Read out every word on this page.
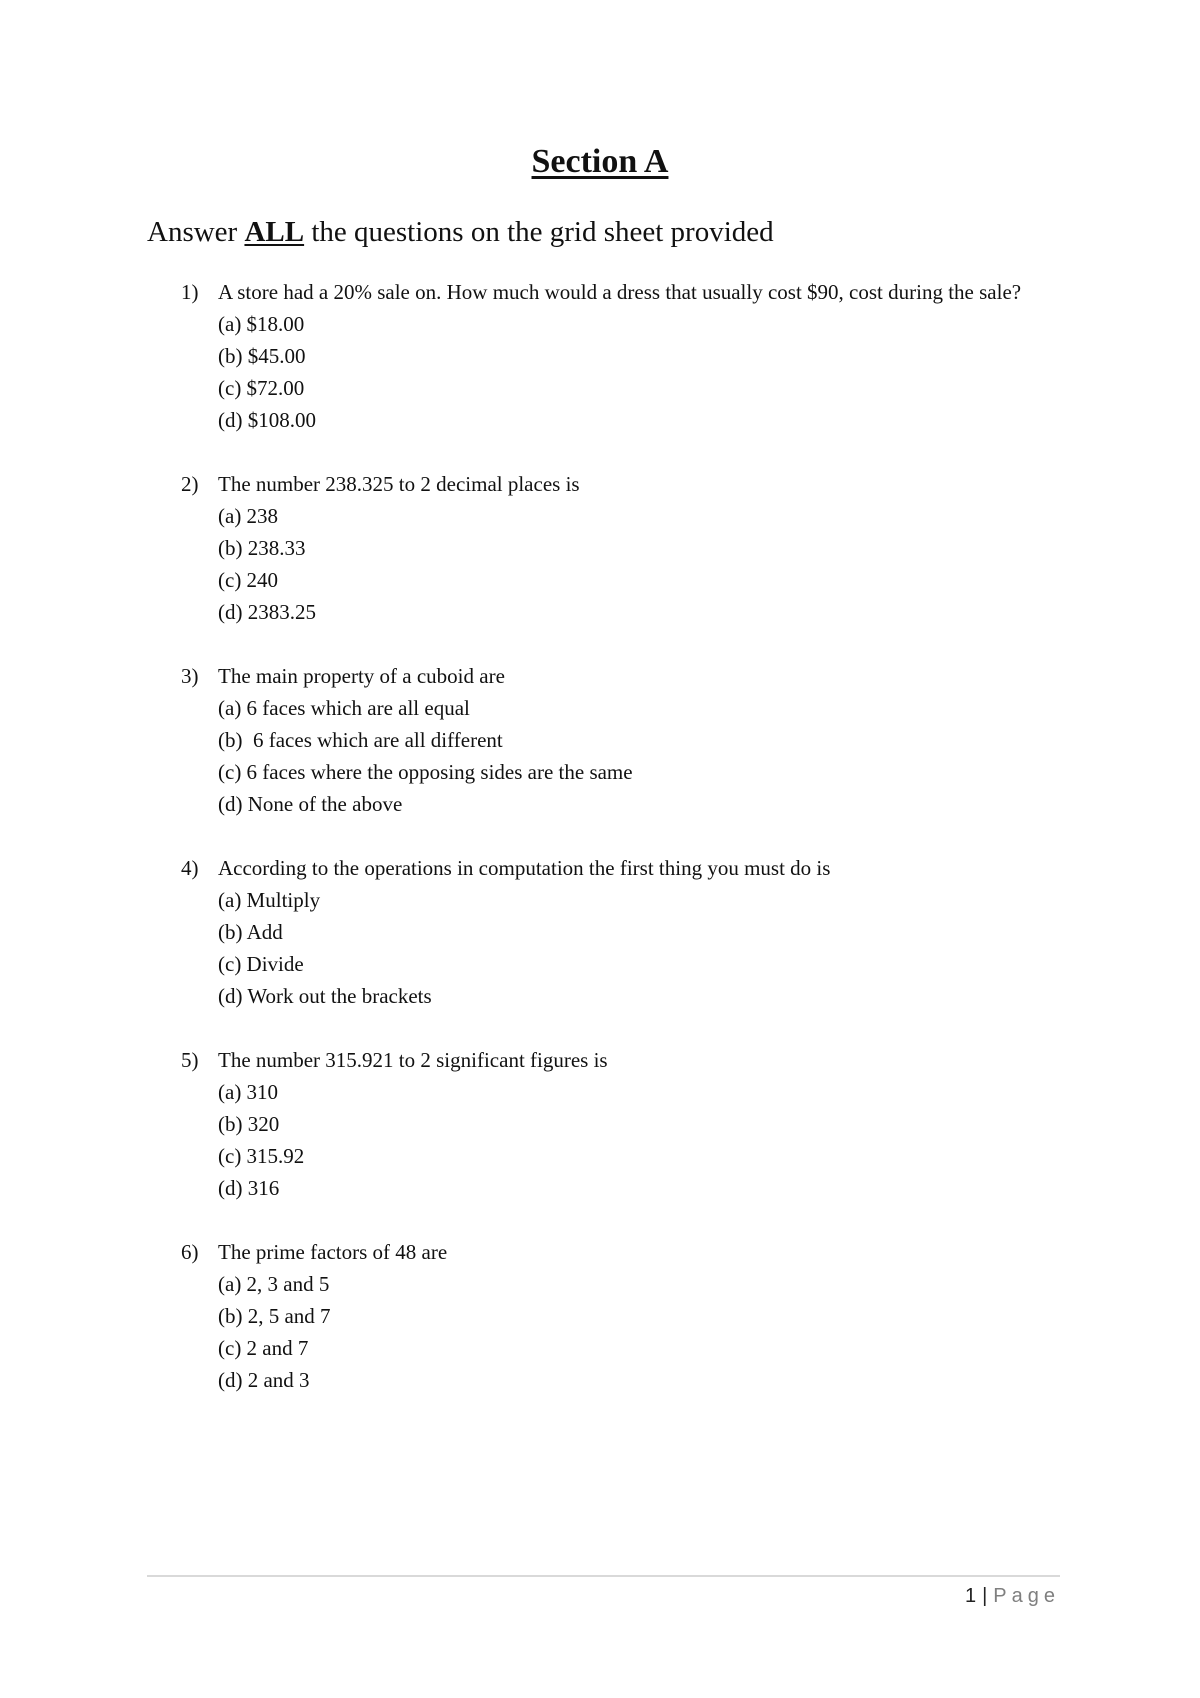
Section A

Answer ALL the questions on the grid sheet provided

1) A store had a 20% sale on. How much would a dress that usually cost $90, cost during the sale?
(a) $18.00
(b) $45.00
(c) $72.00
(d) $108.00
2) The number 238.325 to 2 decimal places is
(a) 238
(b) 238.33
(c) 240
(d) 2383.25
3) The main property of a cuboid are
(a) 6 faces which are all equal
(b)  6 faces which are all different
(c) 6 faces where the opposing sides are the same
(d) None of the above
4) According to the operations in computation the first thing you must do is
(a) Multiply
(b) Add
(c) Divide
(d) Work out the brackets
5) The number 315.921 to 2 significant figures is
(a) 310
(b) 320
(c) 315.92
(d) 316
6) The prime factors of 48 are
(a) 2, 3 and 5
(b) 2, 5 and 7
(c) 2 and 7
(d) 2 and 3
1 | Page
